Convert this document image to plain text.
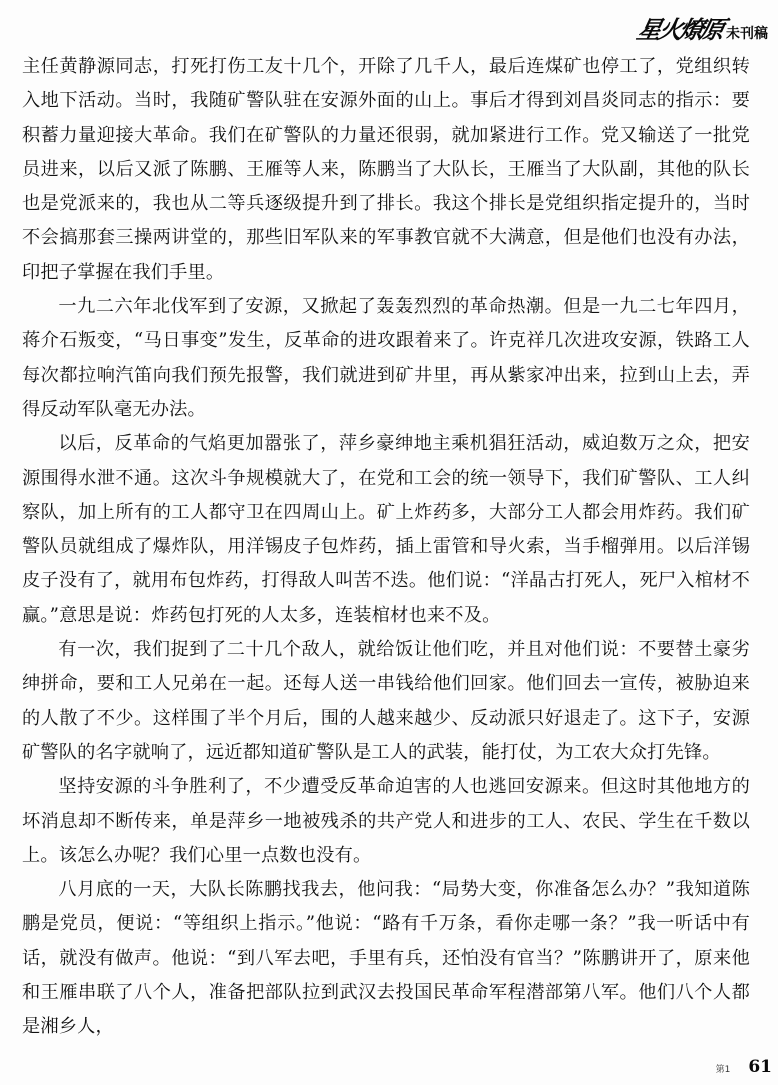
星火燎原 未刊稿

主任黄静源同志，打死打伤工友十几个，开除了几千人，最后连煤矿也停工了，党组织转入地下活动。当时，我随矿警队驻在安源外面的山上。事后才得到刘昌炎同志的指示：要积蓄力量迎接大革命。我们在矿警队的力量还很弱，就加紧进行工作。党又输送了一批党员进来，以后又派了陈鹏、王雁等人来，陈鹏当了大队长，王雁当了大队副，其他的队长也是党派来的，我也从二等兵逐级提升到了排长。我这个排长是党组织指定提升的，当时不会搞那套三操两讲堂的，那些旧军队来的军事教官就不大满意，但是他们也没有办法，印把子掌握在我们手里。

一九二六年北伐军到了安源，又掀起了轰轰烈烈的革命热潮。但是一九二七年四月，蒋介石叛变，“马日事变”发生，反革命的进攻跟着来了。许克祥几次进攻安源，铁路工人每次都拉响汽笛向我们预先报警，我们就进到矿井里，再从紫家冲出来，拉到山上去，弄得反动军队毫无办法。

以后，反革命的气焰更加嚣张了，萍乡豪绅地主乘机猖狂活动，威迫数万之众，把安源围得水泄不通。这次斗争规模就大了，在党和工会的统一领导下，我们矿警队、工人纠察队，加上所有的工人都守卫在四周山上。矿上炸药多，大部分工人都会用炸药。我们矿警队员就组成了爆炸队，用洋锡皮子包炸药，插上雷管和导火索，当手榴弹用。以后洋锡皮子没有了，就用布包炸药，打得敌人叫苦不迭。他们说：“洋晶古打死人，死尸入棺材不赢。”意思是说：炸药包打死的人太多，连装棺材也来不及。

有一次，我们捉到了二十几个敌人，就给饭让他们吃，并且对他们说：不要替土豪劣绅拼命，要和工人兄弟在一起。还每人送一串钱给他们回家。他们回去一宣传，被胁迫来的人散了不少。这样围了半个月后，围的人越来越少、反动派只好退走了。这下子，安源矿警队的名字就响了，远近都知道矿警队是工人的武装，能打仗，为工农大众打先锋。

坚持安源的斗争胜利了，不少遭受反革命迫害的人也逃回安源来。但这时其他地方的坏消息却不断传来，单是萍乡一地被残杀的共产党人和进步的工人、农民、学生在千数以上。该怎么办呢？我们心里一点数也没有。

八月底的一天，大队长陈鹏找我去，他问我：“局势大变，你准备怎么办？”我知道陈鹏是党员，便说：“等组织上指示。”他说：“路有千万条，看你走哪一条？”我一听话中有话，就没有做声。他说：“到八军去吧，手里有兵，还怕没有官当？”陈鹏讲开了，原来他和王雁串联了八个人，准备把部队拉到武汉去投国民革命军程潜部第八军。他们八个人都是湘乡人，

第1 61
